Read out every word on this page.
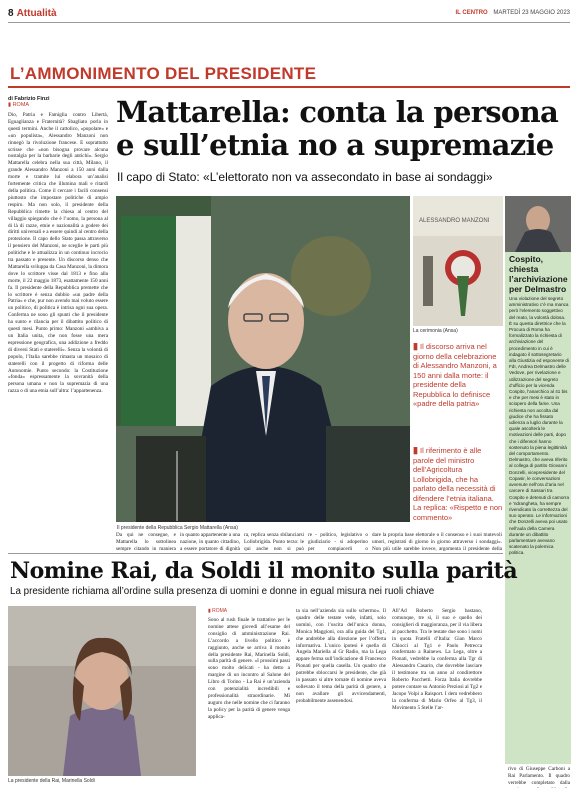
8 Attualità	IL CENTRO MARTEDÌ 23 MAGGIO 2023
L’AMMONIMENTO DEL PRESIDENTE
di Fabrizio Finzi
▮ ROMA
Dio, Patria e Famiglia contro Libertà, Eguaglianza e Fraternità? Sbagliato porla in questi termini. Anche il cattolico, «popolare» e «un populista», Alessandro Manzoni non rinnegò la rivoluzione francese. E soprattutto scrisse che «non bisogna provare alcuna nostalgia per la barbarie degli antichi». Sergio Mattarella celebra nella sua città, Milano, il grande Alessandro Manzoni a 150 anni dalla morte e tramite lui elabora un’analisi fortemente critica che illumina mali e ritardi della politica. Come il cercare i facili consensi piuttosto che impostare politiche di ampio respiro. Ma non solo, il presidente della Repubblica rimette la chiesa al centro del villaggio spiegando che è l’uomo, la persona al di là di razze, etnie e nazionalità a godere dei diritti universali e a essere quindi al centro della protezione. Il capo dello Stato passa attraverso il pensiero del Manzoni, ne sceglie le parti più politiche e le attualizza in un continuo incrocio tra passato e presente. Un discorso denso che Mattarella sviluppa da Casa Manzoni, la dimora dove lo scrittore visse dal 1813 e fino alla morte, il 22 maggio 1873, esattamente 150 anni fa. Il presidente della Repubblica premette che lo scrittore è senza dubbio «un padre della Patria» e che, pur non avendo mai voluto essere un politico, di politica è intrisa ogni sua opera. Conferma ne sono gli spunti che il presidente ha sunto e rilancia per il dibattito politico di questi mesi. Punto primo: Manzoni «ambiva a un Italia unita, che non fosse una mera espressione geografica, una addizione a freddo di diversi Stati e staterelli». Senza la volontà di popolo, l’Italia sarebbe rimasta un mosaico di staterelli con il progetto di riforma delle Autonomie. Punto secondo: la Costituzione «fonda» espressamente la sovranità della persona umana e non la supremazia di una razza o di una etnia sull’altra: l’appartenenza.
Mattarella: conta la persona
e sull’etnia no a supremazie
Il capo di Stato: «L’elettorato non va assecondato in base ai sondaggi»
Il presidente della Repubblica Sergio Mattarella (Ansa)
Da qui ne consegue, e Mattarella lo sottolinea sempre citando in maniera
in quanto appartenente a una nazione, in quanto cittadino, a essere portatore di dignità
ra, replica senza sbilanciarsi Lollobrigida. Punto terzo: le qui anche non si può
re - politico, legislativo o giudiziario - si adoperino per compiacerli o
dare la propria base elettorale o il consenso e i suoi mutevoli umori, registrati di giorno in giorno attraverso i sondaggi». Non più utile sarebbe invece, argomenta il presidente della
ALESSANDRO MANZONI
La cerimonia (Ansa)
▮ Il discorso arriva nel giorno della celebrazione di Alessandro Manzoni, a 150 anni dalla morte: il presidente della Repubblica lo definisce «padre della patria»
▮ Il riferimento è alle parole del ministro dell’Agricoltura Lollobrigida, che ha parlato della necessità di difendere l’etnia italiana. La replica: «Rispetto e non commento»
Cospito, chiesta l’archiviazione per Delmastro
Una violazione del segreto amministrativo c’è ma manca però l’elemento soggettivo del reato, la volontà dolosa. È su questa direttrice che la Procura di Roma ha formalizzato la richiesta di archiviazione del procedimento in cui è indagato il sottosegretario alla Giustizia ed esponente di FdI, Andrea Delmastro delle Vedove, per rivelazione e utilizzazione del segreto d’ufficio per la vicenda Cospito, l’anarchico al 41 bis e che per mesi è stato in sciopero della fame. Una richiesta non accolta dal giudice che ha fissato udienza a luglio durante la quale ascolterà le motivazioni delle parti, dopo che i difensori hanno sostenuto la piena legittimità del comportamento. Delmastro, che aveva riferito al collega di partito Giovanni Donzelli, vicepresidente del Copasir, le conversazioni avvenute nell’ora d’aria nel carcere di Sassari tra Cospito e detenuti di camorra e ’ndrangheta, ha sempre rivendicato la correttezza del suo operato. Le informazioni che Donzelli aveva poi usato nell’aula della Camera durante un dibattito parlamentare avevano scatenato la polemica politica.
Nomine Rai, da Soldi il monito sulla parità
La presidente richiama all’ordine sulla presenza di uomini e donne in egual misura nei ruoli chiave
La presidente della Rai, Marinella Soldi
▮ ROMA
Sono al rush finale le trattative per le nomine attese giovedì all’esame del consiglio di amministrazione Rai. L’accordo a livello politico è raggiunto, anche se arriva il monito della presidente Rai, Marinella Soldi, sulla parità di genere. «I prossimi passi sono molto delicati - ha detto a margine di un incontro al Salone del Libro di Torino - La Rai è un’azienda con potenzialità incredibili e professionalità straordinarie. Mi auguro che nelle nomine che ci faranno la policy per la parità di genere venga applica-
ta sia nell’azienda sia sullo schermo». Il quadro delle testate vede, infatti, solo uomini, con l’uscita dell’unica donna, Monica Maggioni, ora alla guida del Tg1, che andrebbe alla direzione per l’offerta informativa. L’unico ipotesi è quella di Angela Mariella al Gr Radio, ma la Lega appare ferma sull’indicazione di Francesco Pionati per quella casella. Un quadro che potrebbe sbloccarsi le presidente, che già in passato si altre tornate di nomine aveva sollevato il tema della parità di genere, a non avallare gli avvicendamenti, probabilmente assenendosi.
All’Ad Roberto Sergio bastano, comunque, tre sì, il suo e quello dei consiglieri di maggioranza, per il via libera al pacchetto. Tra le testate due sono i nomi in quota Fratelli d’Italia: Gian Marco Chiocci al Tg1 e Paolo Petrecca confermato a Rainews. La Lega, oltre a Pionati, vedrebbe la conferma alla Tgr di Alessandro Casarin, che dovrebbe lasciare il testimone tra un anno al condirettore Roberto Pacchetti. Forza Italia dovrebbe potere contare su Antonio Preziosi al Tg2 e Jacopo Volpi a Raisport. I dem vedrebbero la conferma di Mario Orfeo al Tg3, il Movimento 5 Stelle l’ar-
rivo di Giuseppe Carboni a Rai Parlamento. Il quadro verrebbe completato dalla
